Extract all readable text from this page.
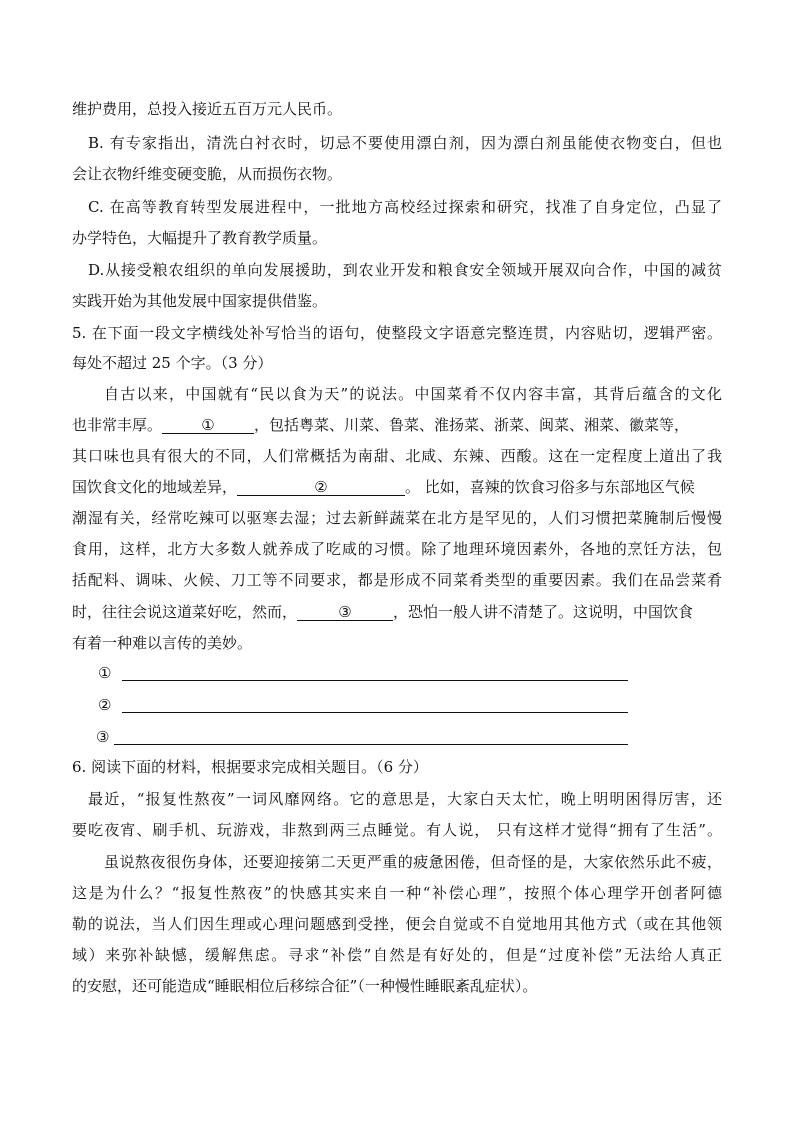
维护费用，总投入接近五百万元人民币。
B. 有专家指出，清洗白衬衣时，切忌不要使用漂白剂，因为漂白剂虽能使衣物变白，但也
会让衣物纤维变硬变脆，从而损伤衣物。
C. 在高等教育转型发展进程中，一批地方高校经过探索和研究，找准了自身定位，凸显了
办学特色，大幅提升了教育教学质量。
D.从接受粮农组织的单向发展援助，到农业开发和粮食安全领域开展双向合作，中国的减贫
实践开始为其他发展中国家提供借鉴。
5. 在下面一段文字横线处补写恰当的语句，使整段文字语意完整连贯，内容贴切，逻辑严密。
每处不超过 25 个字。（3 分）
自古以来，中国就有“民以食为天”的说法。中国菜肴不仅内容丰富，其背后蕴含的文化
也非常丰厚。	①	，包括粤菜、川菜、鲁菜、淮扬菜、浙菜、闽菜、湘菜、徽菜等，
其口味也具有很大的不同，人们常概括为南甜、北咸、东辣、西酸。这在一定程度上道出了我
国饮食文化的地域差异，	②	。 比如，喜辣的饮食习俗多与东部地区气候
潮湿有关，经常吃辣可以驱寒去湿；过去新鲜蔬菜在北方是罕见的，人们习惯把菜腌制后慢慢
食用，这样，北方大多数人就养成了吃咸的习惯。除了地理环境因素外，各地的烹饪方法，包
括配料、调味、火候、刀工等不同要求，都是形成不同菜肴类型的重要因素。我们在品尝菜肴
时，往往会说这道菜好吃，然而，	③	，恐怕一般人讲不清楚了。这说明，中国饮食
有着一种难以言传的美妙。
①
②
③
6. 阅读下面的材料，根据要求完成相关题目。（6 分）
最近，“报复性熬夜”一词风靡网络。它的意思是，大家白天太忙，晚上明明困得厉害，还
要吃夜宵、刷手机、玩游戏，非熬到两三点睡觉。有人说， 只有这样才觉得“拥有了生活”。
虽说熬夜很伤身体，还要迎接第二天更严重的疲惫困倦，但奇怪的是，大家依然乐此不疲，
这是为什么？“报复性熬夜”的快感其实来自一种“补偿心理”，按照个体心理学开创者阿德
勒的说法，当人们因生理或心理问题感到受挫，便会自觉或不自觉地用其他方式（或在其他领
域）来弥补缺憾，缓解焦虑。寻求“补偿”自然是有好处的，但是“过度补偿”无法给人真正
的安慰，还可能造成“睡眠相位后移综合征”（一种慢性睡眠紊乱症状）。
